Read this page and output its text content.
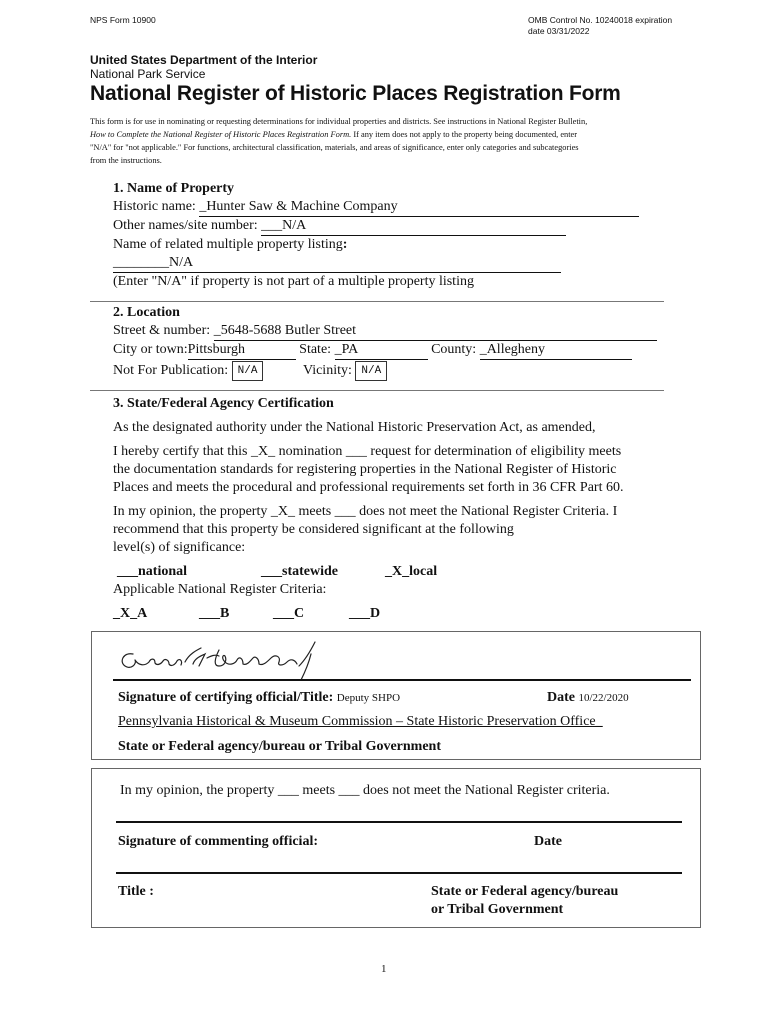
NPS Form 10900	OMB Control No. 10240018 expiration
date 03/31/2022
United States Department of the Interior
National Park Service
National Register of Historic Places Registration Form
This form is for use in nominating or requesting determinations for individual properties and districts. See instructions in National Register Bulletin,
How to Complete the National Register of Historic Places Registration Form. If any item does not apply to the property being documented, enter
"N/A" for "not applicable." For functions, architectural classification, materials, and areas of significance, enter only categories and subcategories
from the instructions.
1. Name of Property
Historic name: _Hunter Saw & Machine Company
Other names/site number: ___N/A
Name of related multiple property listing:
________N/A
(Enter "N/A" if property is not part of a multiple property listing
2. Location
Street & number: _5648-5688 Butler Street
City or town:Pittsburgh	State: _PA	County: _Allegheny
Not For Publication: N/A	Vicinity: N/A
3. State/Federal Agency Certification
As the designated authority under the National Historic Preservation Act, as amended,
I hereby certify that this _X_ nomination ___ request for determination of eligibility meets
the documentation standards for registering properties in the National Register of Historic
Places and meets the procedural and professional requirements set forth in 36 CFR Part 60.
In my opinion, the property _X_ meets ___ does not meet the National Register Criteria. I
recommend that this property be considered significant at the following
level(s) of significance:
___national	___statewide	_X_local
Applicable National Register Criteria:
_X_A	___B	___C	___D
Signature of certifying official/Title: Deputy SHPO	Date 10/22/2020
Pennsylvania Historical & Museum Commission – State Historic Preservation Office_
State or Federal agency/bureau or Tribal Government
In my opinion, the property ___ meets ___ does not meet the National Register criteria.
Signature of commenting official:	Date
Title :	State or Federal agency/bureau
or Tribal Government
1
